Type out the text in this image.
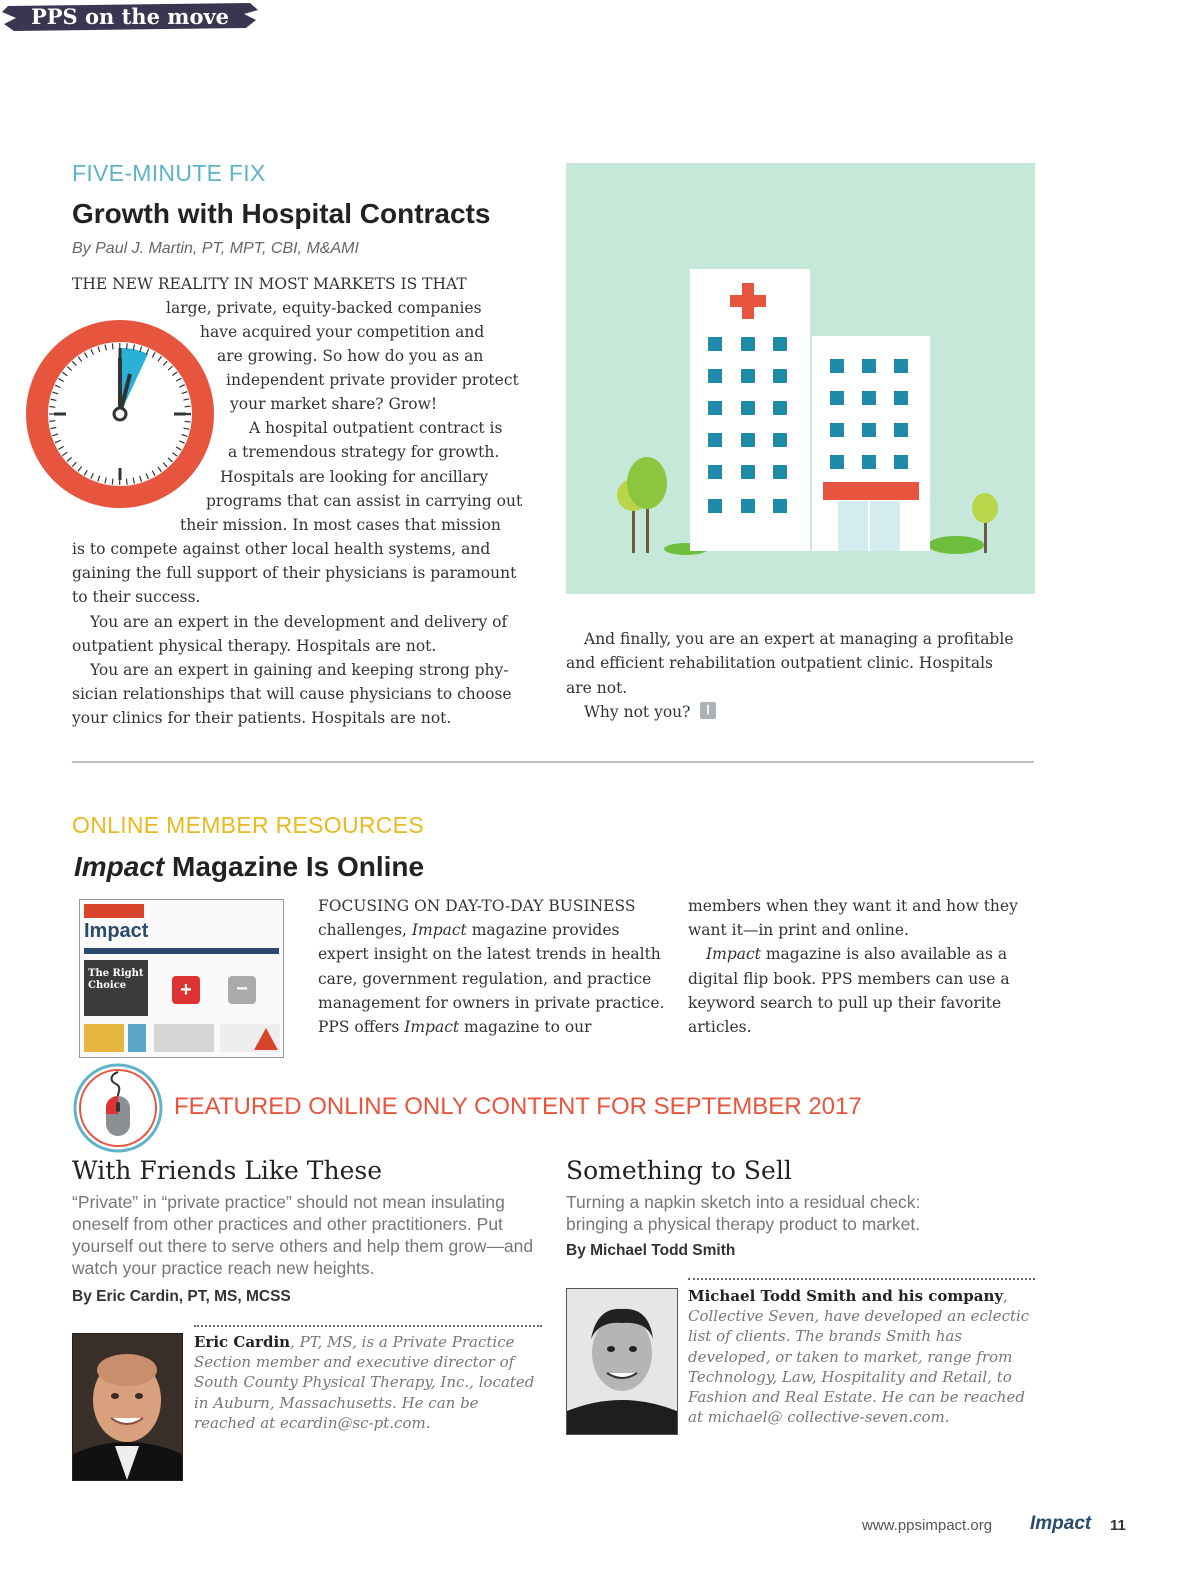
PPS on the move
FIVE-MINUTE FIX
Growth with Hospital Contracts
By Paul J. Martin, PT, MPT, CBI, M&AMI
THE NEW REALITY IN MOST MARKETS IS THAT
large, private, equity-backed companies
have acquired your competition and
are growing. So how do you as an
independent private provider protect
your market share? Grow!
A hospital outpatient contract is
a tremendous strategy for growth.
Hospitals are looking for ancillary
programs that can assist in carrying out
their mission. In most cases that mission
is to compete against other local health systems, and
gaining the full support of their physicians is paramount
to their success.
You are an expert in the development and delivery of
outpatient physical therapy. Hospitals are not.
You are an expert in gaining and keeping strong phy-
sician relationships that will cause physicians to choose
your clinics for their patients. Hospitals are not.
And finally, you are an expert at managing a profitable
and efficient rehabilitation outpatient clinic. Hospitals
are not.
Why not you?	Ⅰ
ONLINE MEMBER RESOURCES
Impact Magazine Is Online
Impact
The Right Choice	+	−
FOCUSING ON DAY-TO-DAY BUSINESS
challenges, Impact magazine provides expert insight on the latest trends in health care, government regulation, and practice management for owners in private practice. PPS offers Impact magazine to our
members when they want it and how they want it—in print and online.
Impact magazine is also available as a digital flip book. PPS members can use a keyword search to pull up their favorite articles.
FEATURED ONLINE ONLY CONTENT FOR SEPTEMBER 2017
With Friends Like These
“Private” in “private practice” should not mean insulating oneself from other practices and other practitioners. Put yourself out there to serve others and help them grow—and watch your practice reach new heights.
By Eric Cardin, PT, MS, MCSS
Eric Cardin, PT, MS, is a Private Practice Section member and executive director of South County Physical Therapy, Inc., located in Auburn, Massachusetts. He can be reached at ecardin@sc-pt.com.
Something to Sell
Turning a napkin sketch into a residual check: bringing a physical therapy product to market.
By Michael Todd Smith
Michael Todd Smith and his company, Collective Seven, have developed an eclectic list of clients. The brands Smith has developed, or taken to market, range from Technology, Law, Hospitality and Retail, to Fashion and Real Estate. He can be reached at michael@ collective-seven.com.
www.ppsimpact.org Impact 11
